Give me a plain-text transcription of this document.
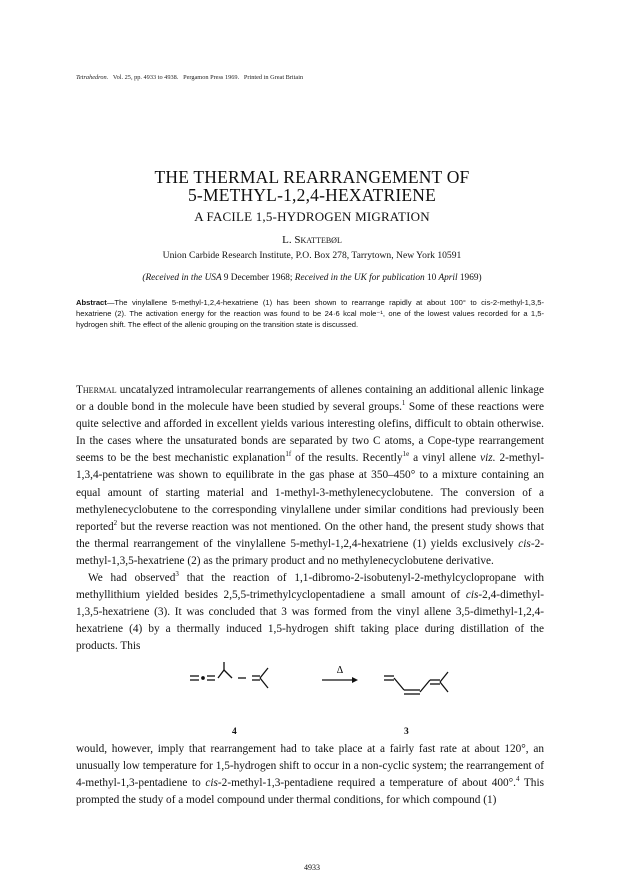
Tetrahedron. Vol. 25, pp. 4933 to 4938. Pergamon Press 1969. Printed in Great Britain
THE THERMAL REARRANGEMENT OF
5-METHYL-1,2,4-HEXATRIENE
A FACILE 1,5-HYDROGEN MIGRATION
L. Skattebøl
Union Carbide Research Institute, P.O. Box 278, Tarrytown, New York 10591
(Received in the USA 9 December 1968; Received in the UK for publication 10 April 1969)
Abstract—The vinylallene 5-methyl-1,2,4-hexatriene (1) has been shown to rearrange rapidly at about 100° to cis-2-methyl-1,3,5-hexatriene (2). The activation energy for the reaction was found to be 24·6 kcal mole⁻¹, one of the lowest values recorded for a 1,5-hydrogen shift. The effect of the allenic grouping on the transition state is discussed.

Thermal uncatalyzed intramolecular rearrangements of allenes containing an additional allenic linkage or a double bond in the molecule have been studied by several groups.$^1$ Some of these reactions were quite selective and afforded in excellent yields various interesting olefins, difficult to obtain otherwise. In the cases where the unsaturated bonds are separated by two C atoms, a Cope-type rearrangement seems to be the best mechanistic explanation$^{1f}$ of the results. Recently$^{1e}$ a vinyl allene viz. 2-methyl-1,3,4-pentatriene was shown to equilibrate in the gas phase at 350–450° to a mixture containing an equal amount of starting material and 1-methyl-3-methylenecyclobutene. The conversion of a methylenecyclobutene to the corresponding vinylallene under similar conditions had previously been reported$^2$ but the reverse reaction was not mentioned. On the other hand, the present study shows that the thermal rearrangement of the vinylallene 5-methyl-1,2,4-hexatriene (1) yields exclusively cis-2-methyl-1,3,5-hexatriene (2) as the primary product and no methylenecyclobutene derivative.

We had observed$^3$ that the reaction of 1,1-dibromo-2-isobutenyl-2-methylcyclopropane with methyllithium yielded besides 2,5,5-trimethylcyclopentadiene a small amount of cis-2,4-dimethyl-1,3,5-hexatriene (3). It was concluded that 3 was formed from the vinyl allene 3,5-dimethyl-1,2,4-hexatriene (4) by a thermally induced 1,5-hydrogen shift taking place during distillation of the products. This

Δ
4	3

would, however, imply that rearrangement had to take place at a fairly fast rate at about 120°, an unusually low temperature for 1,5-hydrogen shift to occur in a non-cyclic system; the rearrangement of 4-methyl-1,3-pentadiene to cis-2-methyl-1,3-pentadiene required a temperature of about 400°.$^4$ This prompted the study of a model compound under thermal conditions, for which compound (1)

4933
